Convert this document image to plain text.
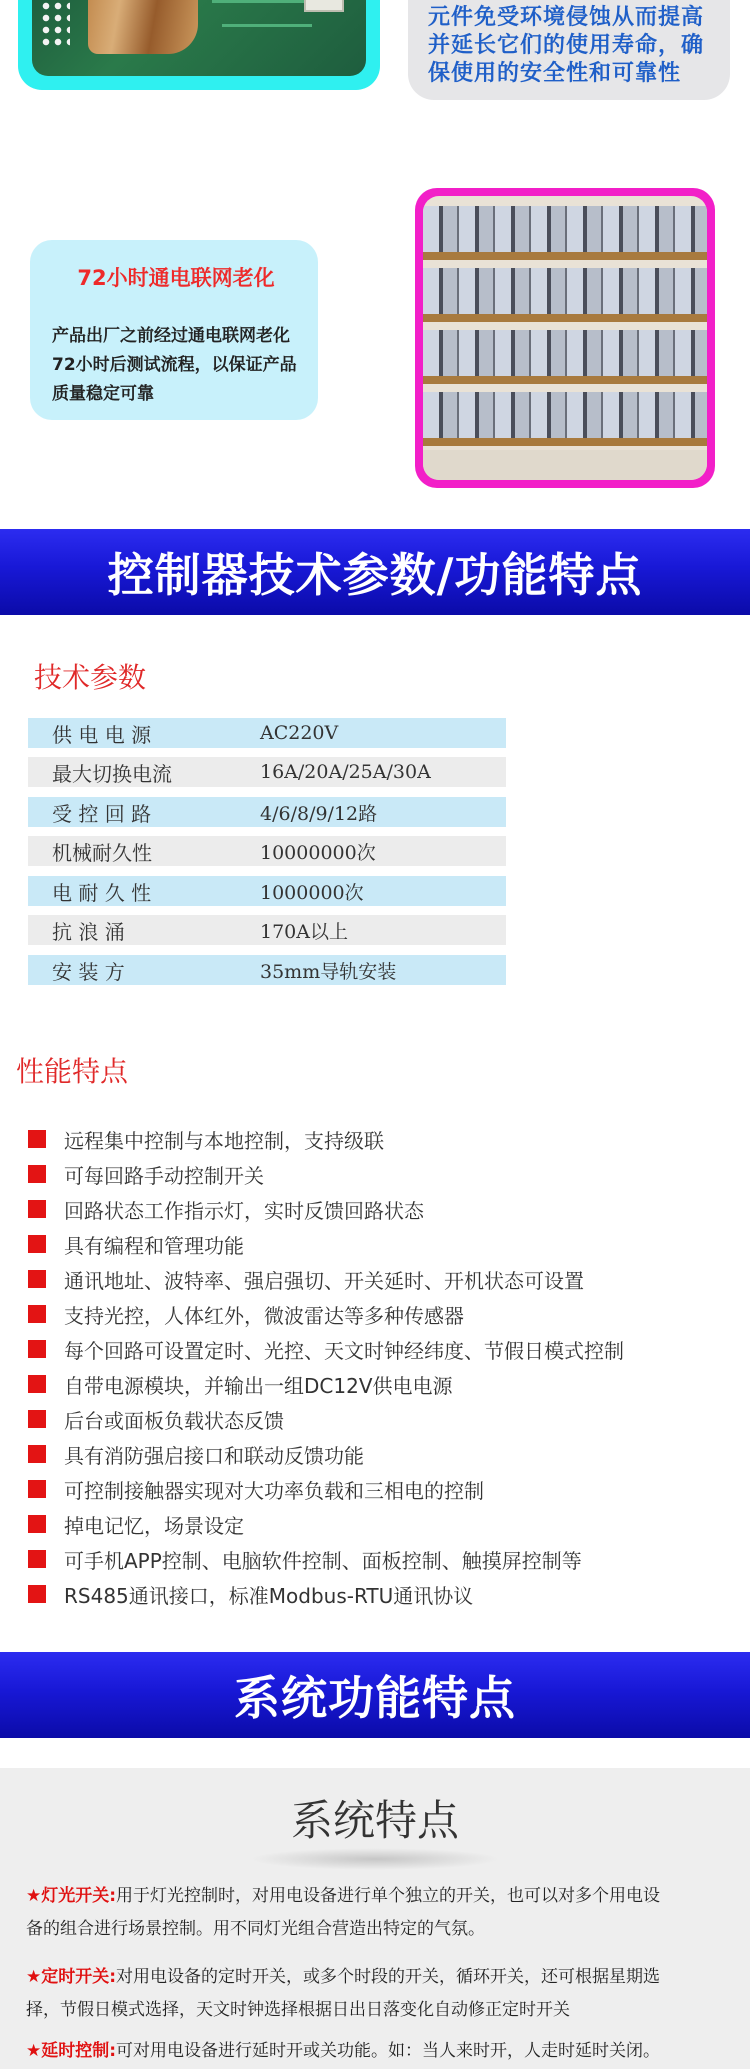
元件免受环境侵蚀从而提高并延长它们的使用寿命，确保使用的安全性和可靠性

72小时通电联网老化
产品出厂之前经过通电联网老化72小时后测试流程，以保证产品质量稳定可靠
控制器技术参数/功能特点
技术参数
供 电 电 源	AC220V
最大切换电流	16A/20A/25A/30A
受 控 回 路	4/6/8/9/12路
机械耐久性	10000000次
电 耐 久 性	1000000次
抗 浪 涌	170A以上
安 装 方	35mm导轨安装
性能特点
远程集中控制与本地控制，支持级联
可每回路手动控制开关
回路状态工作指示灯，实时反馈回路状态
具有编程和管理功能
通讯地址、波特率、强启强切、开关延时、开机状态可设置
支持光控，人体红外，微波雷达等多种传感器
每个回路可设置定时、光控、天文时钟经纬度、节假日模式控制
自带电源模块，并输出一组DC12V供电电源
后台或面板负载状态反馈
具有消防强启接口和联动反馈功能
可控制接触器实现对大功率负载和三相电的控制
掉电记忆，场景设定
可手机APP控制、电脑软件控制、面板控制、触摸屏控制等
RS485通讯接口，标准Modbus-RTU通讯协议
系统功能特点
系统特点
★灯光开关:用于灯光控制时，对用电设备进行单个独立的开关，也可以对多个用电设
备的组合进行场景控制。用不同灯光组合营造出特定的气氛。
★定时开关:对用电设备的定时开关，或多个时段的开关，循环开关，还可根据星期选
择，节假日模式选择，天文时钟选择根据日出日落变化自动修正定时开关
★延时控制:可对用电设备进行延时开或关功能。如：当人来时开，人走时延时关闭。
